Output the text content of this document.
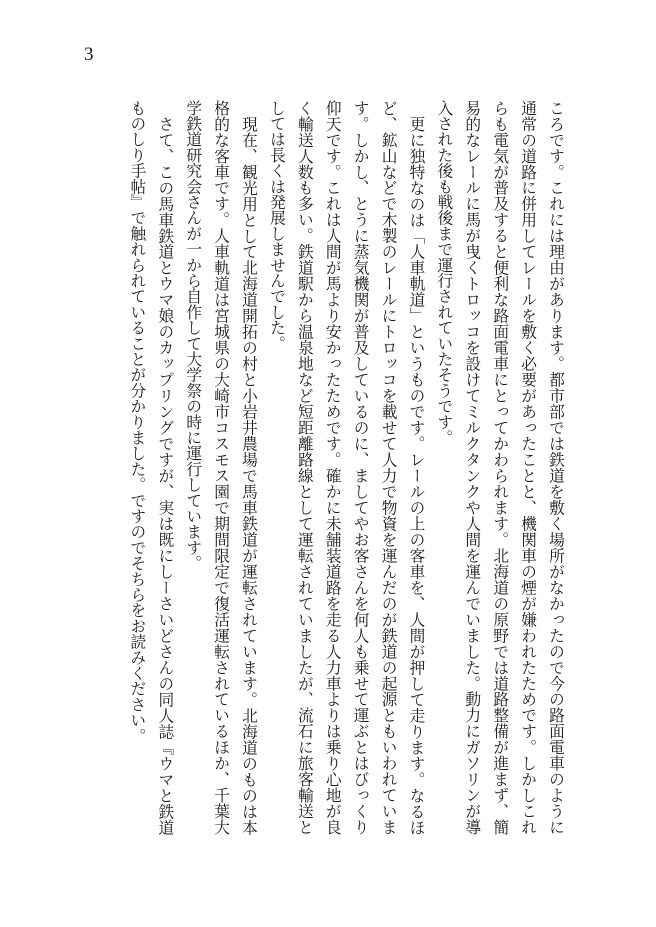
3

ころです。これには理由があります。都市部では鉄道を敷く場所がなかったので今の路面電車のように通常の道路に併用してレールを敷く必要があったことと、機関車の煙が嫌われたためです。しかしこれらも電気が普及すると便利な路面電車にとってかわられます。北海道の原野では道路整備が進まず、簡易的なレールに馬が曳くトロッコを設けてミルクタンクや人間を運んでいました。動力にガソリンが導入された後も戦後まで運行されていたそうです。

更に独特なのは「人車軌道」というものです。レールの上の客車を、人間が押して走ります。なるほど、鉱山などで木製のレールにトロッコを載せて人力で物資を運んだのが鉄道の起源ともいわれています。しかし、とうに蒸気機関が普及しているのに、ましてやお客さんを何人も乗せて運ぶとはびっくり仰天です。これは人間が馬より安かったためです。確かに未舗装道路を走る人力車よりは乗り心地が良く輸送人数も多い。鉄道駅から温泉地など短距離路線として運転されていましたが、流石に旅客輸送としては長くは発展しませんでした。

現在、観光用として北海道開拓の村と小岩井農場で馬車鉄道が運転されています。北海道のものは本格的な客車です。人車軌道は宮城県の大崎市コスモス園で期間限定で復活運転されているほか、千葉大学鉄道研究会さんが一から自作して大学祭の時に運行しています。

さて、この馬車鉄道とウマ娘のカップリングですが、実は既にしーさいどさんの同人誌『ウマと鉄道ものしり手帖』で触れられていることが分かりました。ですのでそちらをお読みください。
